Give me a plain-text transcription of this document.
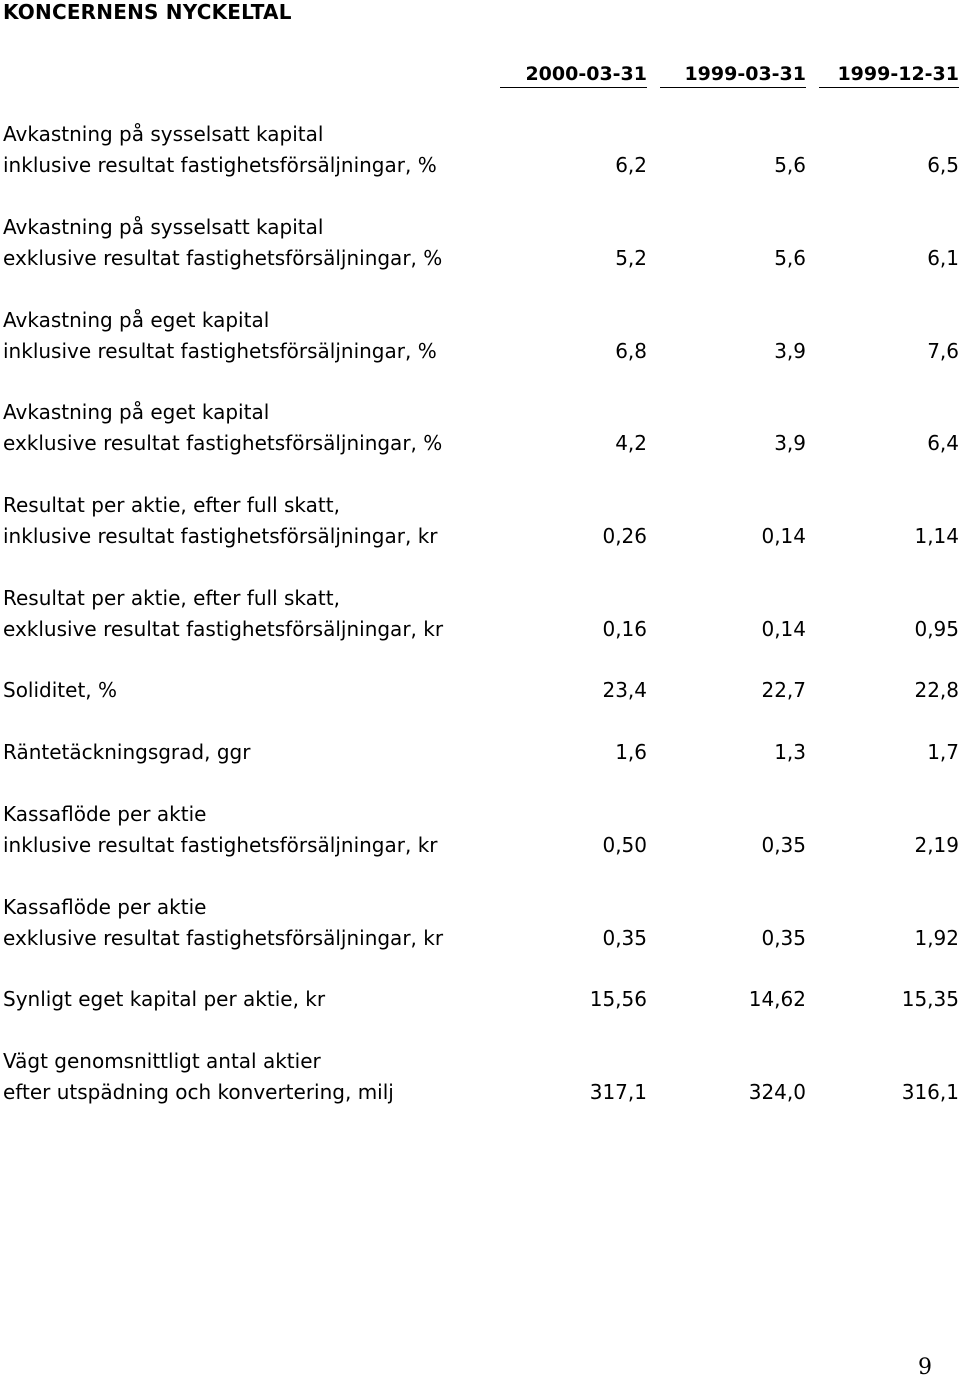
KONCERNENS NYCKELTAL
2000-03-31	1999-03-31	1999-12-31
Avkastning på sysselsatt kapital
inklusive resultat fastighetsförsäljningar, %	6,2	5,6	6,5
Avkastning på sysselsatt kapital
exklusive resultat fastighetsförsäljningar, %	5,2	5,6	6,1
Avkastning på eget kapital
inklusive resultat fastighetsförsäljningar, %	6,8	3,9	7,6
Avkastning på eget kapital
exklusive resultat fastighetsförsäljningar, %	4,2	3,9	6,4
Resultat per aktie, efter full skatt,
inklusive resultat fastighetsförsäljningar, kr	0,26	0,14	1,14
Resultat per aktie, efter full skatt,
exklusive resultat fastighetsförsäljningar, kr	0,16	0,14	0,95
Soliditet, %	23,4	22,7	22,8
Räntetäckningsgrad, ggr	1,6	1,3	1,7
Kassaflöde per aktie
inklusive resultat fastighetsförsäljningar, kr	0,50	0,35	2,19
Kassaflöde per aktie
exklusive resultat fastighetsförsäljningar, kr	0,35	0,35	1,92
Synligt eget kapital per aktie, kr	15,56	14,62	15,35
Vägt genomsnittligt antal aktier
efter utspädning och konvertering, milj	317,1	324,0	316,1
9
